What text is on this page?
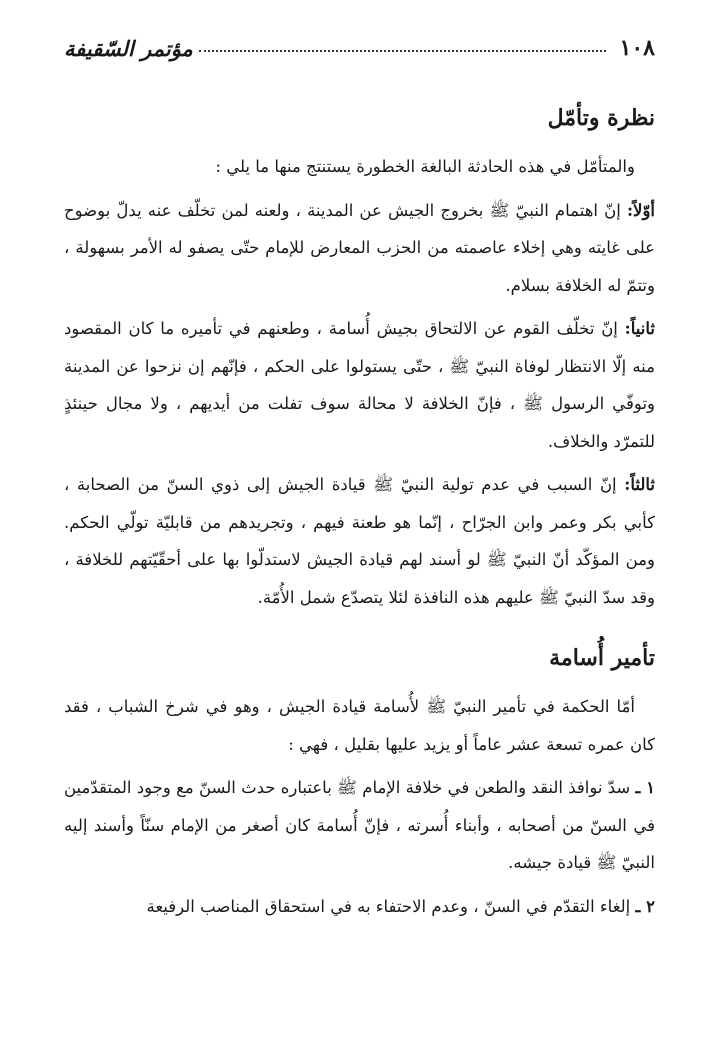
١٠٨
مؤتمر السّقيفة
نظرة وتأمّل

والمتأمّل في هذه الحادثة البالغة الخطورة يستنتج منها ما يلي :

أوّلاً: إنّ اهتمام النبيّ ﷺ بخروج الجيش عن المدينة ، ولعنه لمن تخلّف عنه يدلّ بوضوح على غايته وهي إخلاء عاصمته من الحزب المعارض للإمام حتّى يصفو له الأمر بسهولة ، وتتمّ له الخلافة بسلام.

ثانياً: إنّ تخلّف القوم عن الالتحاق بجيش أُسامة ، وطعنهم في تأميره ما كان المقصود منه إلّا الانتظار لوفاة النبيّ ﷺ ، حتّى يستولوا على الحكم ، فإنّهم إن نزحوا عن المدينة وتوفّي الرسول ﷺ ، فإنّ الخلافة لا محالة سوف تفلت من أيديهم ، ولا مجال حينئذٍ للتمرّد والخلاف.

ثالثاً: إنّ السبب في عدم تولية النبيّ ﷺ قيادة الجيش إلى ذوي السنّ من الصحابة ، كأبي بكر وعمر وابن الجرّاح ، إنّما هو طعنة فيهم ، وتجريدهم من قابليّة تولّي الحكم. ومن المؤكّد أنّ النبيّ ﷺ لو أسند لهم قيادة الجيش لاستدلّوا بها على أحقّيّتهم للخلافة ، وقد سدّ النبيّ ﷺ عليهم هذه النافذة لئلا يتصدّع شمل الأُمّة.

تأمير أُسامة

أمّا الحكمة في تأمير النبيّ ﷺ لأُسامة قيادة الجيش ، وهو في شرخ الشباب ، فقد كان عمره تسعة عشر عاماً أو يزيد عليها بقليل ، فهي :

١ ـ سدّ نوافذ النقد والطعن في خلافة الإمام ﷺ باعتباره حدث السنّ مع وجود المتقدّمين في السنّ من أصحابه ، وأبناء أُسرته ، فإنّ أُسامة كان أصغر من الإمام سنّاً وأسند إليه النبيّ ﷺ قيادة جيشه.

٢ ـ إلغاء التقدّم في السنّ ، وعدم الاحتفاء به في استحقاق المناصب الرفيعة
